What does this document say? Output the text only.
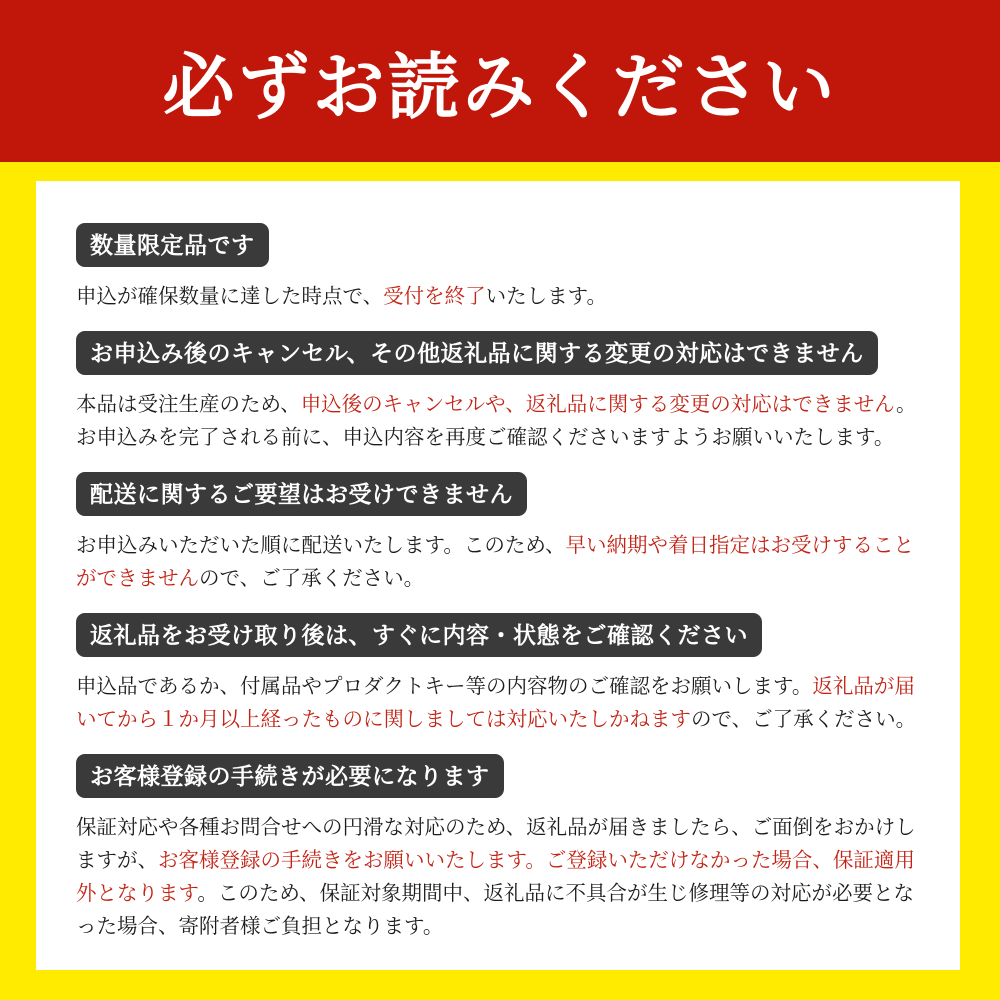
必ずお読みください
数量限定品です

申込が確保数量に達した時点で、受付を終了いたします。

お申込み後のキャンセル、その他返礼品に関する変更の対応はできません

本品は受注生産のため、申込後のキャンセルや、返礼品に関する変更の対応はできません。お申込みを完了される前に、申込内容を再度ご確認くださいますようお願いいたします。

配送に関するご要望はお受けできません

お申込みいただいた順に配送いたします。このため、早い納期や着日指定はお受けすることができませんので、ご了承ください。

返礼品をお受け取り後は、すぐに内容・状態をご確認ください

申込品であるか、付属品やプロダクトキー等の内容物のご確認をお願いします。返礼品が届いてから１か月以上経ったものに関しましては対応いたしかねますので、ご了承ください。

お客様登録の手続きが必要になります

保証対応や各種お問合せへの円滑な対応のため、返礼品が届きましたら、ご面倒をおかけしますが、お客様登録の手続きをお願いいたします。ご登録いただけなかった場合、保証適用外となります。このため、保証対象期間中、返礼品に不具合が生じ修理等の対応が必要となった場合、寄附者様ご負担となります。
